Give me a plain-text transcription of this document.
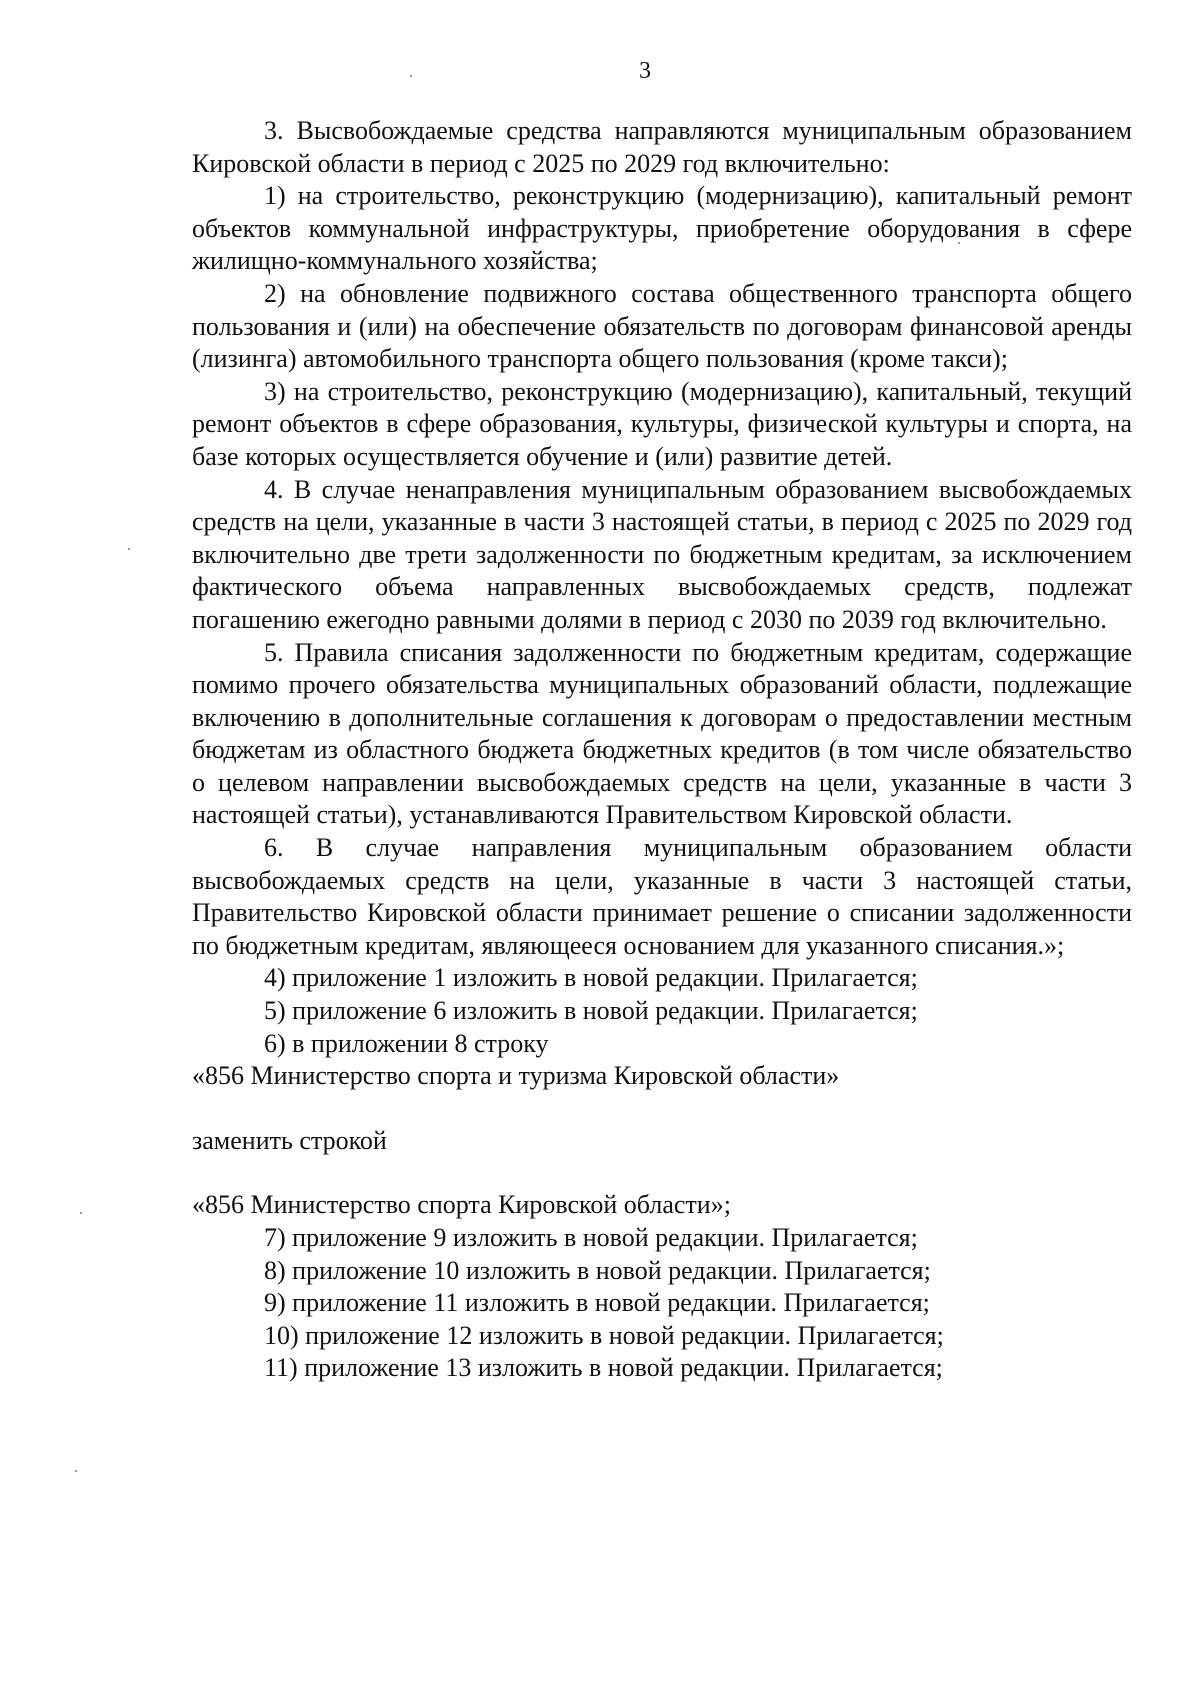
3

3. Высвобождаемые средства направляются муниципальным образованием Кировской области в период с 2025 по 2029 год включительно:

1) на строительство, реконструкцию (модернизацию), капитальный ремонт объектов коммунальной инфраструктуры, приобретение оборудования в сфере жилищно-коммунального хозяйства;

2) на обновление подвижного состава общественного транспорта общего пользования и (или) на обеспечение обязательств по договорам финансовой аренды (лизинга) автомобильного транспорта общего пользования (кроме такси);

3) на строительство, реконструкцию (модернизацию), капитальный, текущий ремонт объектов в сфере образования, культуры, физической культуры и спорта, на базе которых осуществляется обучение и (или) развитие детей.

4. В случае ненаправления муниципальным образованием высвобождаемых средств на цели, указанные в части 3 настоящей статьи, в период с 2025 по 2029 год включительно две трети задолженности по бюджетным кредитам, за исключением фактического объема направленных высвобождаемых средств, подлежат погашению ежегодно равными долями в период с 2030 по 2039 год включительно.

5. Правила списания задолженности по бюджетным кредитам, содержащие помимо прочего обязательства муниципальных образований области, подлежащие включению в дополнительные соглашения к договорам о предоставлении местным бюджетам из областного бюджета бюджетных кредитов (в том числе обязательство о целевом направлении высвобождаемых средств на цели, указанные в части 3 настоящей статьи), устанавливаются Правительством Кировской области.

6. В случае направления муниципальным образованием области высвобождаемых средств на цели, указанные в части 3 настоящей статьи, Правительство Кировской области принимает решение о списании задолженности по бюджетным кредитам, являющееся основанием для указанного списания.»;

4) приложение 1 изложить в новой редакции. Прилагается;

5) приложение 6 изложить в новой редакции. Прилагается;

6) в приложении 8 строку

«856 Министерство спорта и туризма Кировской области»

заменить строкой

«856 Министерство спорта Кировской области»;

7) приложение 9 изложить в новой редакции. Прилагается;

8) приложение 10 изложить в новой редакции. Прилагается;

9) приложение 11 изложить в новой редакции. Прилагается;

10) приложение 12 изложить в новой редакции. Прилагается;

11) приложение 13 изложить в новой редакции. Прилагается;
